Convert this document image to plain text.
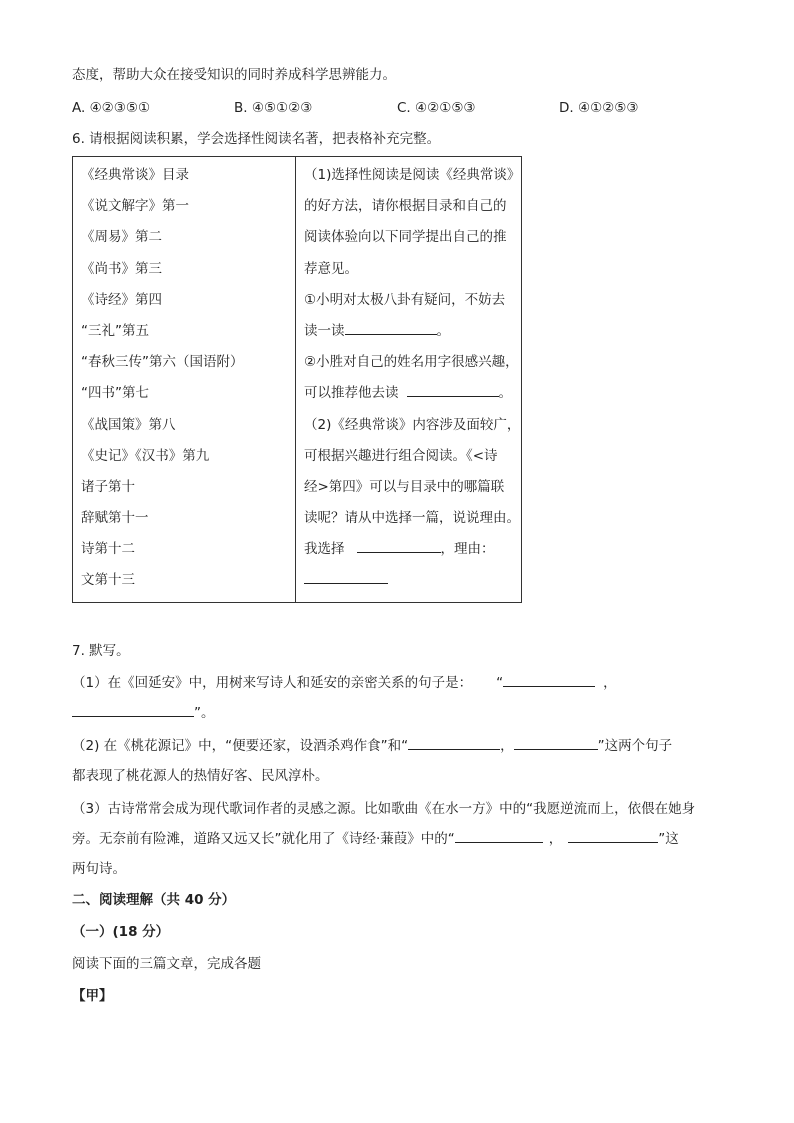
态度，帮助大众在接受知识的同时养成科学思辨能力。
A. ④②③⑤①	B. ④⑤①②③	C. ④②①⑤③	D. ④①②⑤③
6. 请根据阅读积累，学会选择性阅读名著，把表格补充完整。
《经典常谈》目录
《说文解字》第一
《周易》第二
《尚书》第三
《诗经》第四
“三礼”第五
“春秋三传”第六（国语附）
“四书”第七
《战国策》第八
《史记》《汉书》第九
诸子第十
辞赋第十一
诗第十二
文第十三

（1)选择性阅读是阅读《经典常谈》
的好方法，请你根据目录和自己的
阅读体验向以下同学提出自己的推
荐意见。
①小明对太极八卦有疑问，不妨去
读一读	。
②小胜对自己的姓名用字很感兴趣，
可以推荐他去读	。
（2)《经典常谈》内容涉及面较广，
可根据兴趣进行组合阅读。《<诗
经>第四》可以与目录中的哪篇联
读呢？请从中选择一篇，说说理由。
我选择	，理由：
7. 默写。
（1）在《回延安》中，用树来写诗人和延安的亲密关系的句子是： “	，
”。
（2) 在《桃花源记》中，“便要还家，设酒杀鸡作食”和“	，	”这两个句子
都表现了桃花源人的热情好客、民风淳朴。
（3）古诗常常会成为现代歌词作者的灵感之源。比如歌曲《在水一方》中的“我愿逆流而上，依偎在她身
旁。无奈前有险滩，道路又远又长”就化用了《诗经·蒹葭》中的“	，	”这
两句诗。
二、阅读理解（共 40 分）
（一）(18 分）
阅读下面的三篇文章，完成各题
【甲】
